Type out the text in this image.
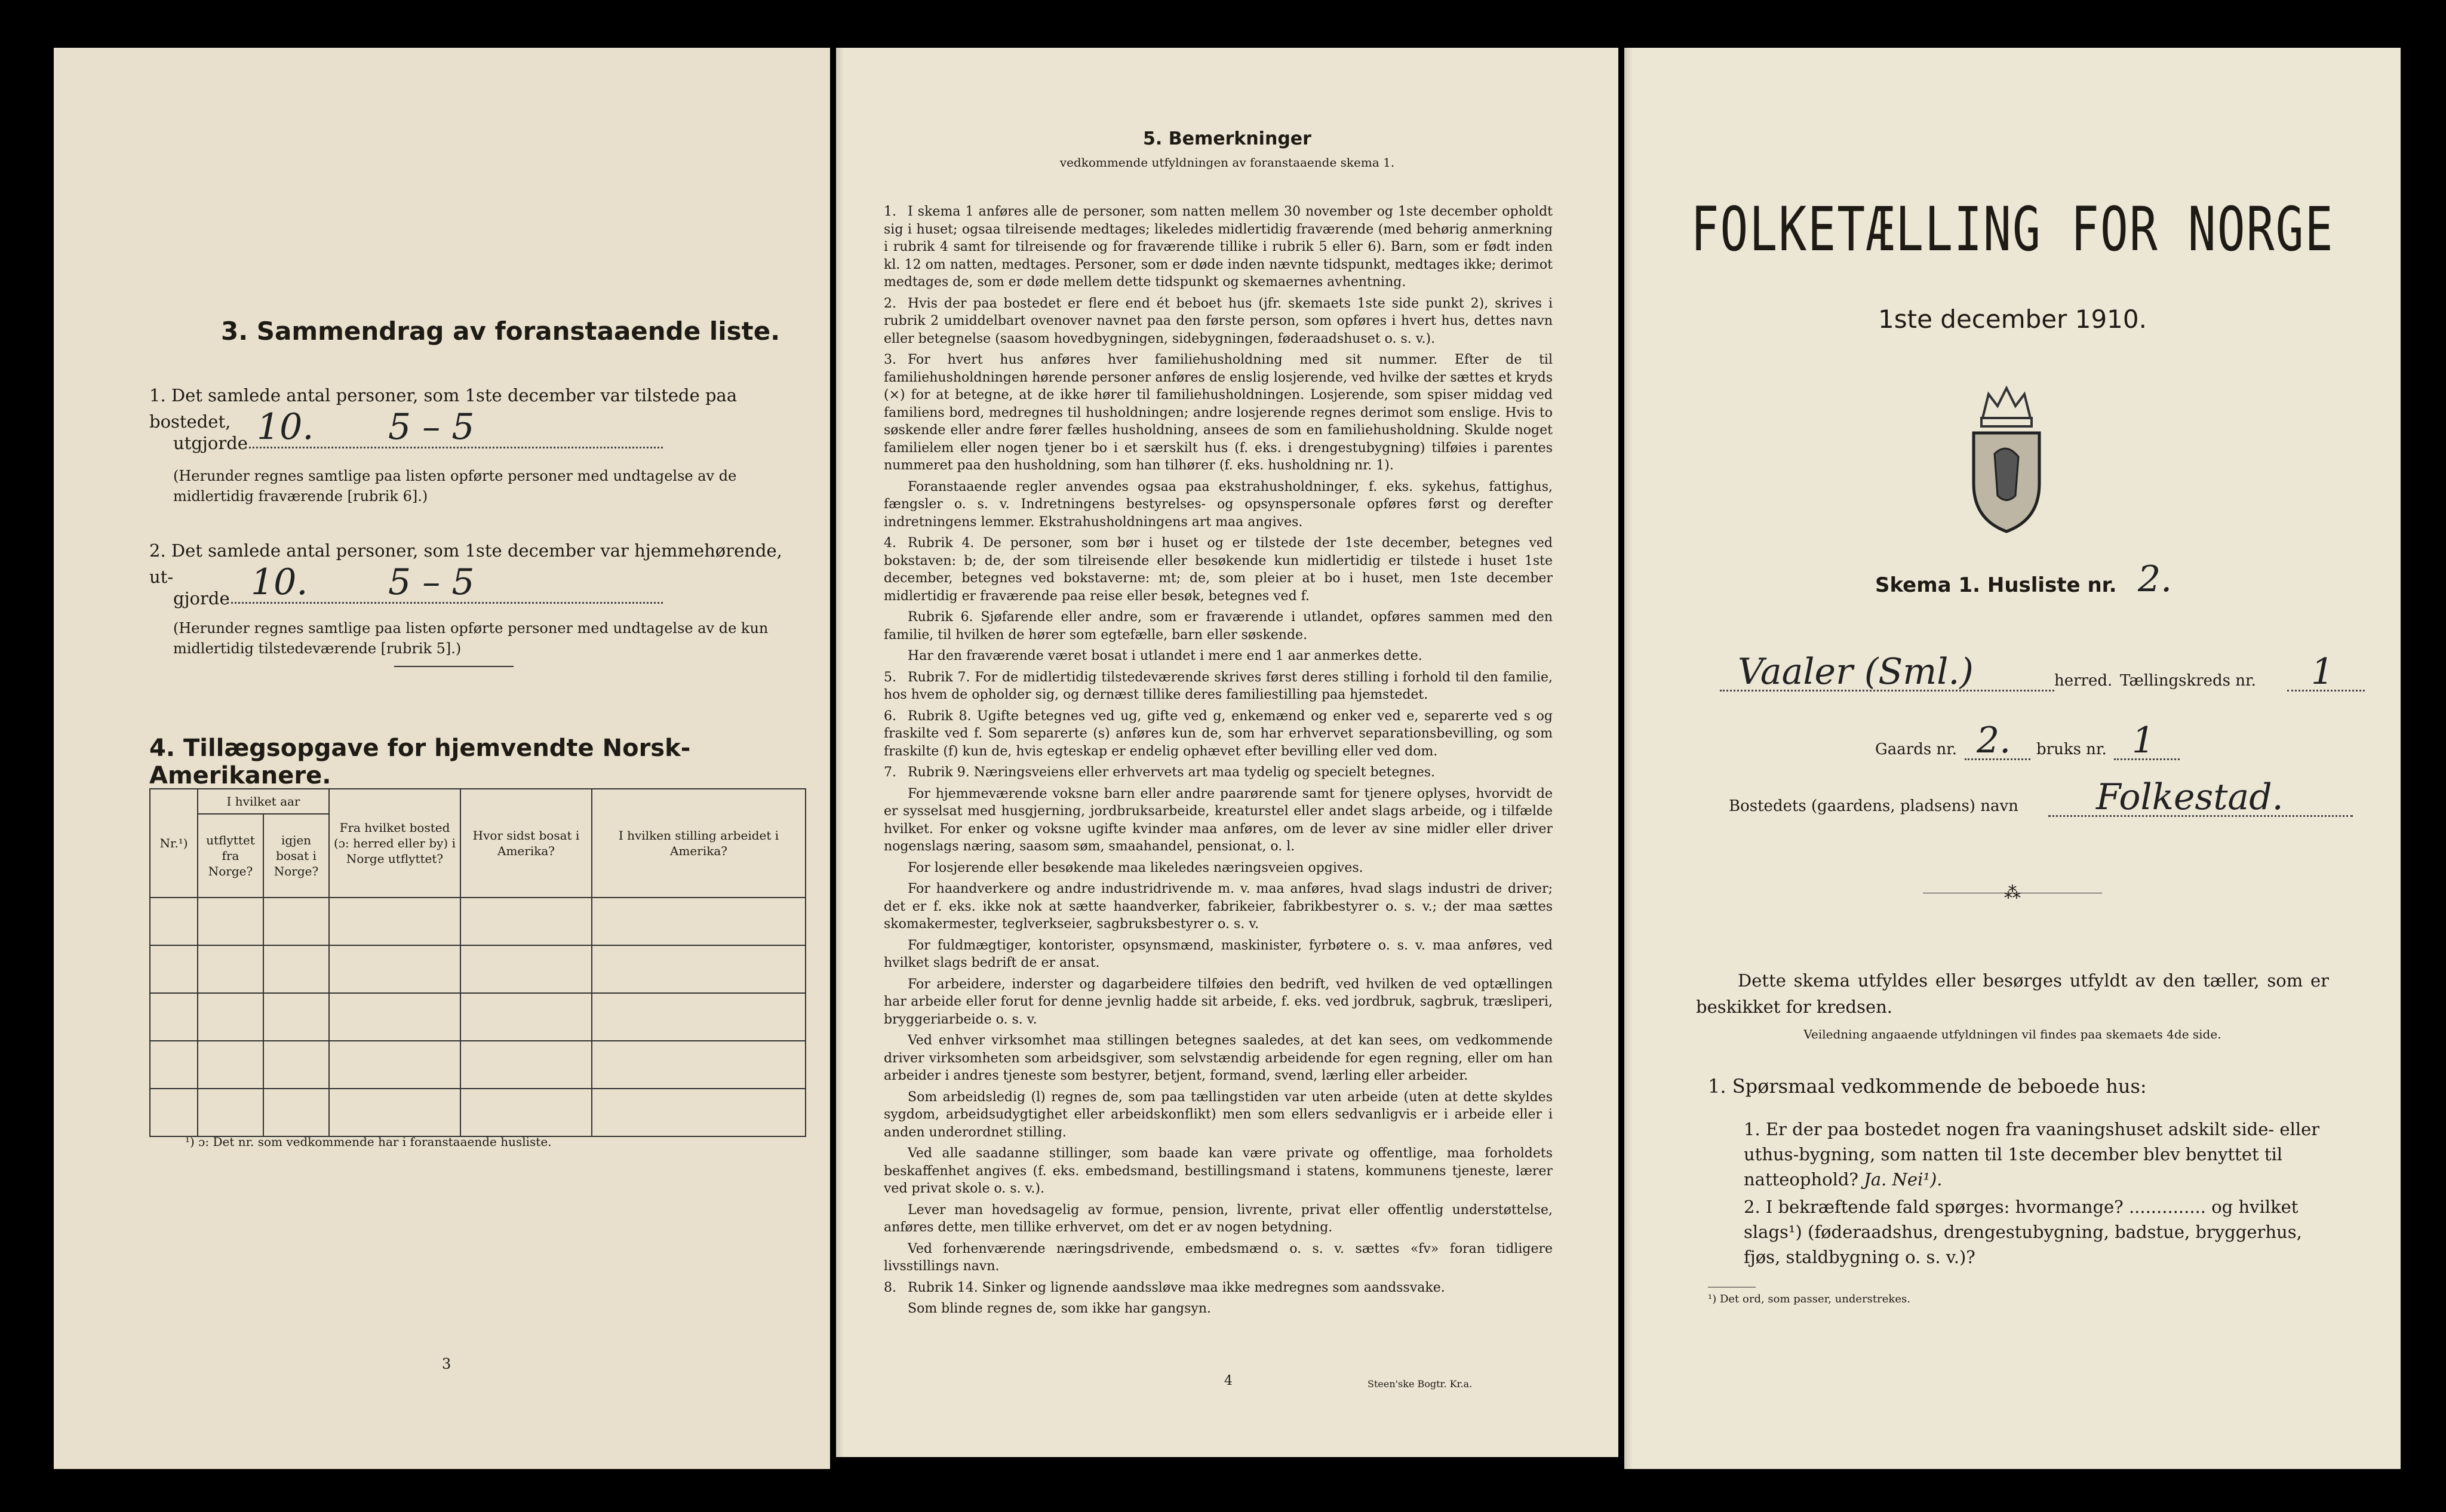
3. Sammendrag av foranstaaende liste.
1. Det samlede antal personer, som 1ste december var tilstede paa bostedet,
utgjorde 10. 5 – 5
(Herunder regnes samtlige paa listen opførte personer med undtagelse av de midlertidig fraværende [rubrik 6].)
2. Det samlede antal personer, som 1ste december var hjemmehørende, ut-
gjorde 10. 5 – 5
(Herunder regnes samtlige paa listen opførte personer med undtagelse av de kun midlertidig tilstedeværende [rubrik 5].)
4. Tillægsopgave for hjemvendte Norsk-Amerikanere.
Nr.¹)	I hvilket aar		Fra hvilket bosted (ɔ: herred eller by) i Norge utflyttet?	Hvor sidst bosat i Amerika?	I hvilken stilling arbeidet i Amerika?
	utflyttet fra Norge?	igjen bosat i Norge?			

¹) ɔ: Det nr. som vedkommende har i foranstaaende husliste.
3
5. Bemerkninger
vedkommende utfyldningen av foranstaaende skema 1.
1. I skema 1 anføres alle de personer, som natten mellem 30 november og 1ste december opholdt sig i huset; ogsaa tilreisende medtages; likeledes midlertidig fraværende (med behørig anmerkning i rubrik 4 samt for tilreisende og for fraværende tillike i rubrik 5 eller 6). Barn, som er født inden kl. 12 om natten, medtages. Personer, som er døde inden nævnte tidspunkt, medtages ikke; derimot medtages de, som er døde mellem dette tidspunkt og skemaernes avhentning.
2. Hvis der paa bostedet er flere end ét beboet hus (jfr. skemaets 1ste side punkt 2), skrives i rubrik 2 umiddelbart ovenover navnet paa den første person, som opføres i hvert hus, dettes navn eller betegnelse (saasom hovedbygningen, sidebygningen, føderaadshuset o. s. v.).
3. For hvert hus anføres hver familiehusholdning med sit nummer. Efter de til familiehusholdningen hørende personer anføres de enslig losjerende, ved hvilke der sættes et kryds (×) for at betegne, at de ikke hører til familiehusholdningen. Losjerende, som spiser middag ved familiens bord, medregnes til husholdningen; andre losjerende regnes derimot som enslige. Hvis to søskende eller andre fører fælles husholdning, ansees de som en familiehusholdning. Skulde noget familielem eller nogen tjener bo i et særskilt hus (f. eks. i drengestubygning) tilføies i parentes nummeret paa den husholdning, som han tilhører (f. eks. husholdning nr. 1).
Foranstaaende regler anvendes ogsaa paa ekstrahusholdninger, f. eks. sykehus, fattighus, fængsler o. s. v. Indretningens bestyrelses- og opsynspersonale opføres først og derefter indretningens lemmer. Ekstrahusholdningens art maa angives.
4. Rubrik 4. De personer, som bør i huset og er tilstede der 1ste december, betegnes ved bokstaven: b; de, der som tilreisende eller besøkende kun midlertidig er tilstede i huset 1ste december, betegnes ved bokstaverne: mt; de, som pleier at bo i huset, men 1ste december midlertidig er fraværende paa reise eller besøk, betegnes ved f.
Rubrik 6. Sjøfarende eller andre, som er fraværende i utlandet, opføres sammen med den familie, til hvilken de hører som egtefælle, barn eller søskende.
Har den fraværende været bosat i utlandet i mere end 1 aar anmerkes dette.
5. Rubrik 7. For de midlertidig tilstedeværende skrives først deres stilling i forhold til den familie, hos hvem de opholder sig, og dernæst tillike deres familiestilling paa hjemstedet.
6. Rubrik 8. Ugifte betegnes ved ug, gifte ved g, enkemænd og enker ved e, separerte ved s og fraskilte ved f. Som separerte (s) anføres kun de, som har erhvervet separationsbevilling, og som fraskilte (f) kun de, hvis egteskap er endelig ophævet efter bevilling eller ved dom.
7. Rubrik 9. Næringsveiens eller erhvervets art maa tydelig og specielt betegnes.
For hjemmeværende voksne barn eller andre paarørende samt for tjenere oplyses, hvorvidt de er sysselsat med husgjerning, jordbruksarbeide, kreaturstel eller andet slags arbeide, og i tilfælde hvilket. For enker og voksne ugifte kvinder maa anføres, om de lever av sine midler eller driver nogenslags næring, saasom søm, smaahandel, pensionat, o. l.
For losjerende eller besøkende maa likeledes næringsveien opgives.
For haandverkere og andre industridrivende m. v. maa anføres, hvad slags industri de driver; det er f. eks. ikke nok at sætte haandverker, fabrikeier, fabrikbestyrer o. s. v.; der maa sættes skomakermester, teglverkseier, sagbruksbestyrer o. s. v.
For fuldmægtiger, kontorister, opsynsmænd, maskinister, fyrbøtere o. s. v. maa anføres, ved hvilket slags bedrift de er ansat.
For arbeidere, inderster og dagarbeidere tilføies den bedrift, ved hvilken de ved optællingen har arbeide eller forut for denne jevnlig hadde sit arbeide, f. eks. ved jordbruk, sagbruk, træsliperi, bryggeriarbeide o. s. v.
Ved enhver virksomhet maa stillingen betegnes saaledes, at det kan sees, om vedkommende driver virksomheten som arbeidsgiver, som selvstændig arbeidende for egen regning, eller om han arbeider i andres tjeneste som bestyrer, betjent, formand, svend, lærling eller arbeider.
Som arbeidsledig (l) regnes de, som paa tællingstiden var uten arbeide (uten at dette skyldes sygdom, arbeidsudygtighet eller arbeidskonflikt) men som ellers sedvanligvis er i arbeide eller i anden underordnet stilling.
Ved alle saadanne stillinger, som baade kan være private og offentlige, maa forholdets beskaffenhet angives (f. eks. embedsmand, bestillingsmand i statens, kommunens tjeneste, lærer ved privat skole o. s. v.).
Lever man hovedsagelig av formue, pension, livrente, privat eller offentlig understøttelse, anføres dette, men tillike erhvervet, om det er av nogen betydning.
Ved forhenværende næringsdrivende, embedsmænd o. s. v. sættes «fv» foran tidligere livsstillings navn.
8. Rubrik 14. Sinker og lignende aandssløve maa ikke medregnes som aandssvake.
Som blinde regnes de, som ikke har gangsyn.
4	Steen'ske Bogtr. Kr.a.
FOLKETÆLLING FOR NORGE
1ste december 1910.
Skema 1. Husliste nr. 2.
Vaaler (Sml.)	herred. Tællingskreds nr. 1
Gaards nr. 2. bruks nr. 1
Bostedets (gaardens, pladsens) navn Folkestad.
⁂
Dette skema utfyldes eller besørges utfyldt av den tæller, som er beskikket for kredsen.
Veiledning angaaende utfyldningen vil findes paa skemaets 4de side.
1. Spørsmaal vedkommende de beboede hus:
1. Er der paa bostedet nogen fra vaaningshuset adskilt side- eller uthus-bygning, som natten til 1ste december blev benyttet til natteophold? Ja. Nei¹).
2. I bekræftende fald spørges: hvormange? .............. og hvilket slags¹) (føderaadshus, drengestubygning, badstue, bryggerhus, fjøs, staldbygning o. s. v.)?
¹) Det ord, som passer, understrekes.
